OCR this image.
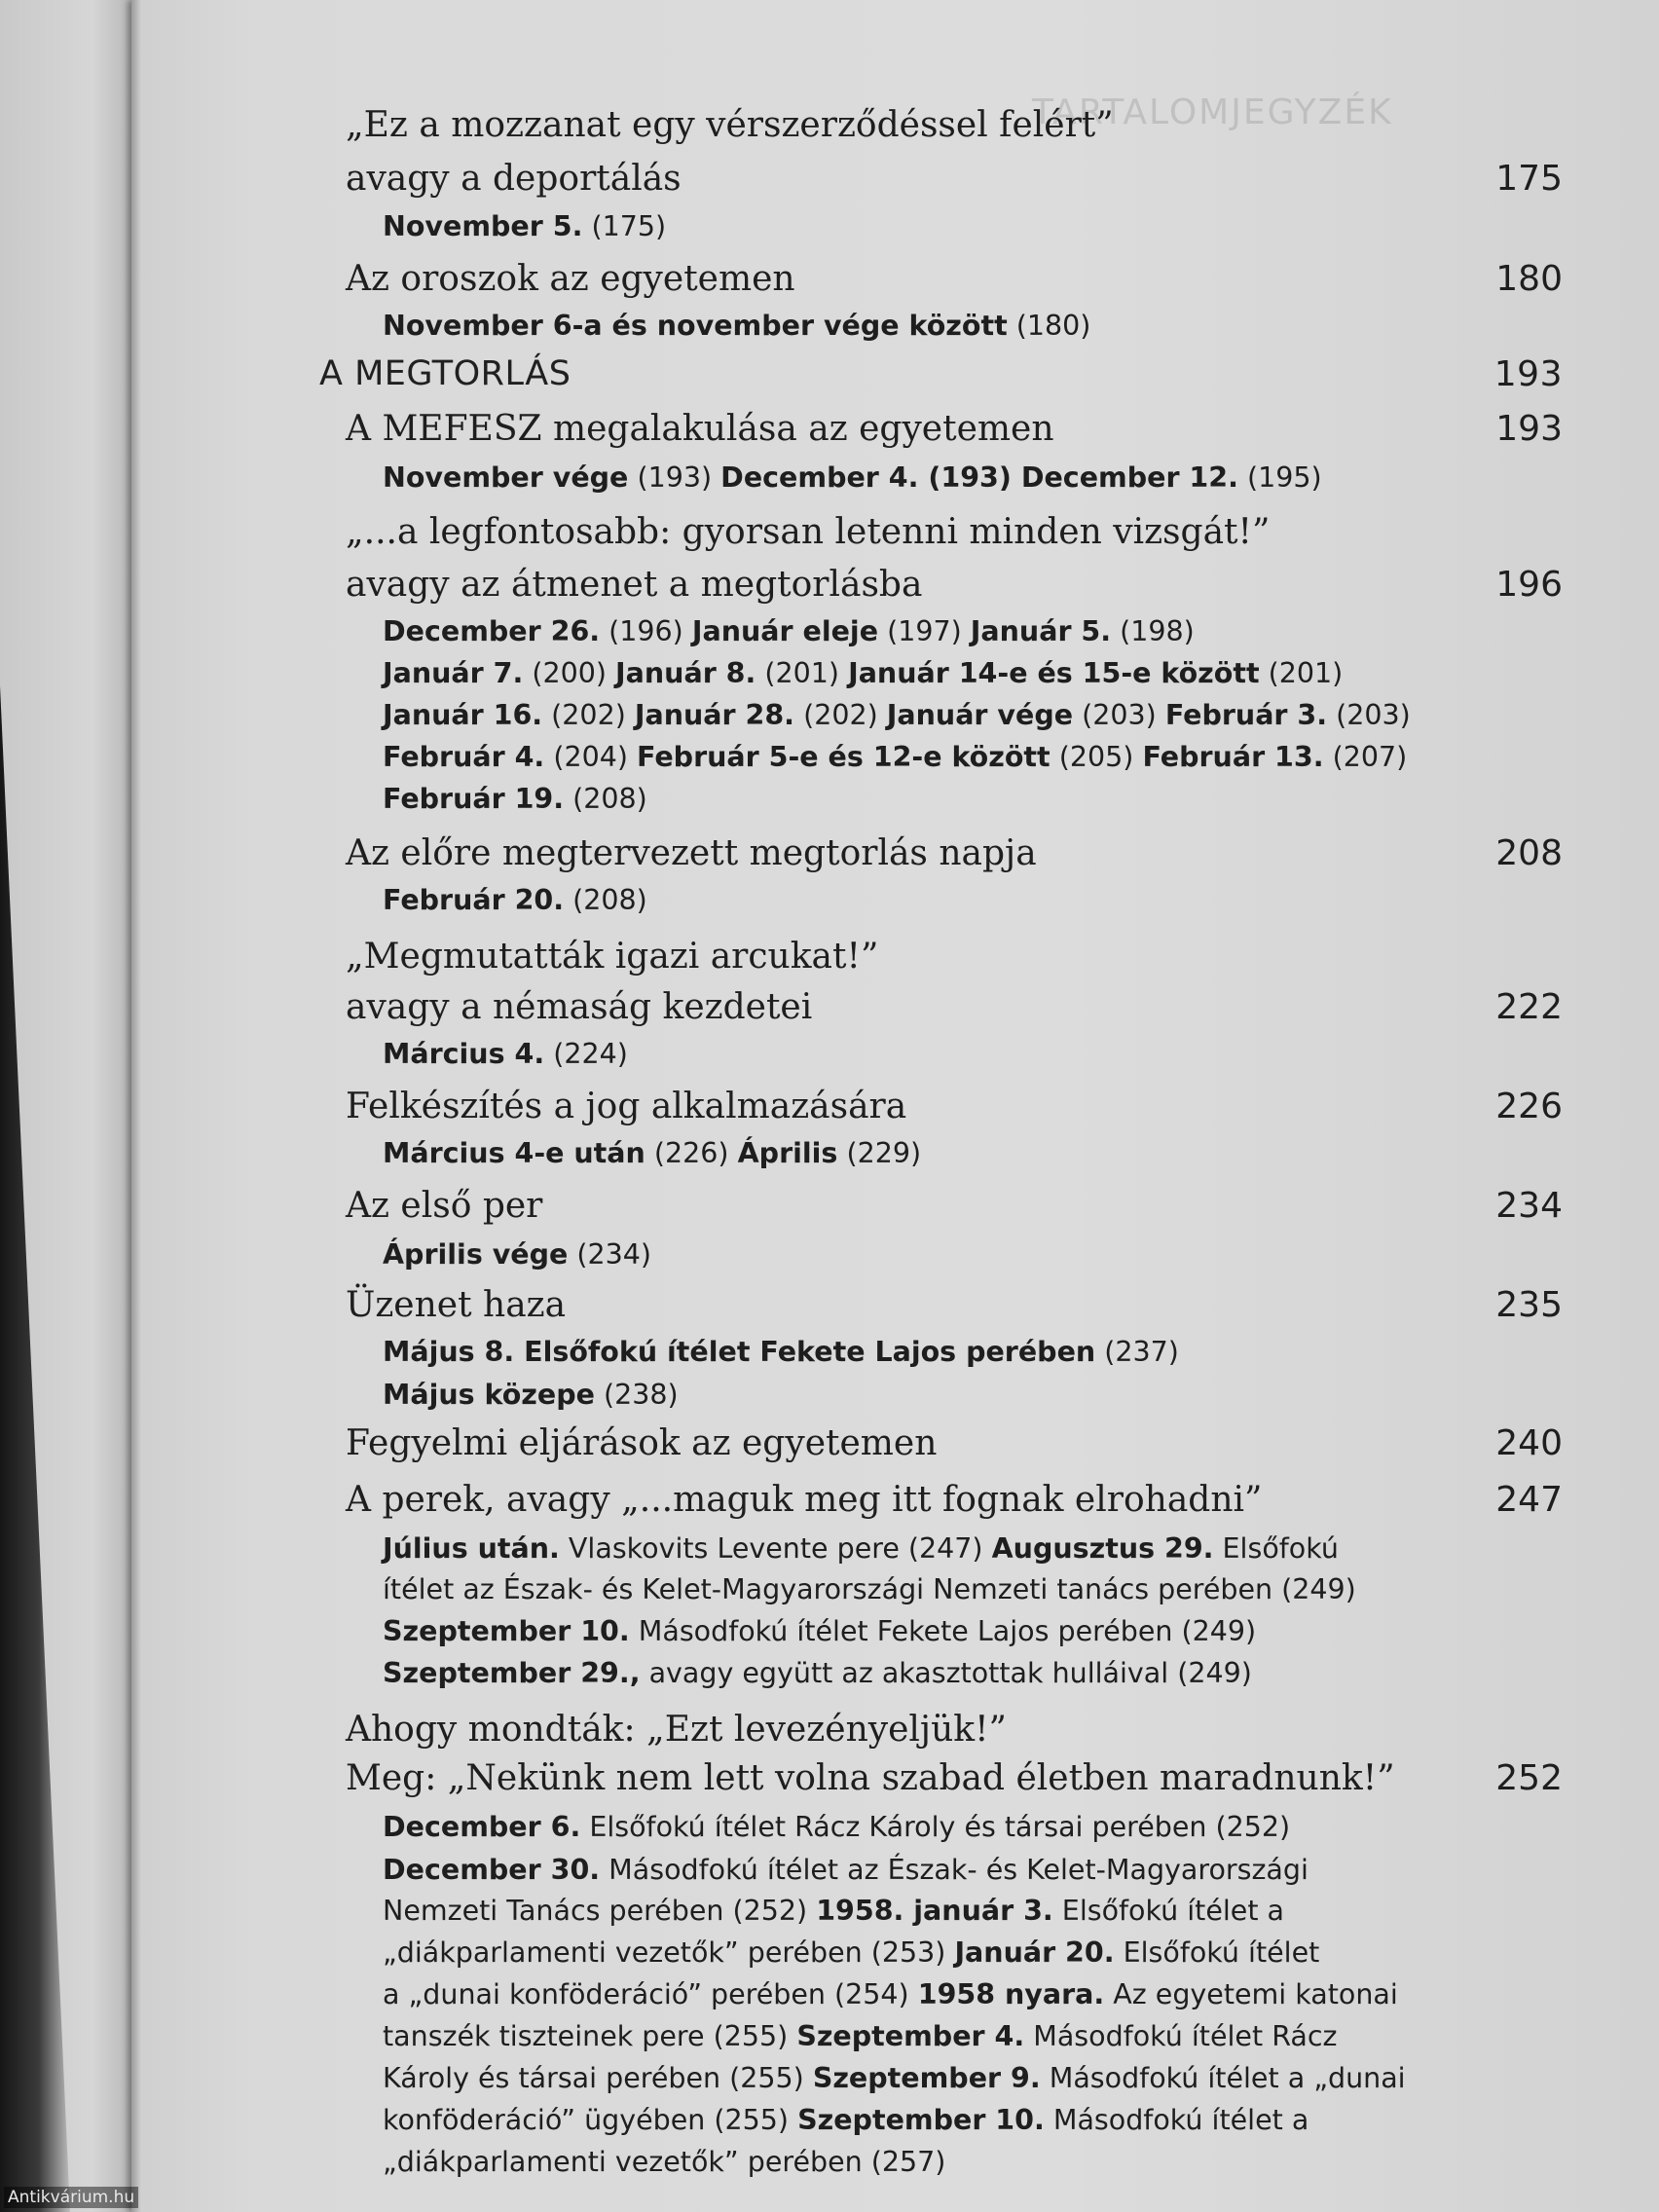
TARTALOMJEGYZÉK
„Ez a mozzanat egy vérszerződéssel felért”
avagy a deportálás	175
November 5. (175)
Az oroszok az egyetemen	180
November 6-a és november vége között (180)
A MEGTORLÁS	193
A MEFESZ megalakulása az egyetemen	193
November vége (193) December 4. (193) December 12. (195)
„...a legfontosabb: gyorsan letenni minden vizsgát!”
avagy az átmenet a megtorlásba	196
December 26. (196) Január eleje (197) Január 5. (198)
Január 7. (200) Január 8. (201) Január 14-e és 15-e között (201)
Január 16. (202) Január 28. (202) Január vége (203) Február 3. (203)
Február 4. (204) Február 5-e és 12-e között (205) Február 13. (207)
Február 19. (208)
Az előre megtervezett megtorlás napja	208
Február 20. (208)
„Megmutatták igazi arcukat!”
avagy a némaság kezdetei	222
Március 4. (224)
Felkészítés a jog alkalmazására	226
Március 4-e után (226) Április (229)
Az első per	234
Április vége (234)
Üzenet haza	235
Május 8. Elsőfokú ítélet Fekete Lajos perében (237)
Május közepe (238)
Fegyelmi eljárások az egyetemen	240
A perek, avagy „...maguk meg itt fognak elrohadni”	247
Július után. Vlaskovits Levente pere (247) Augusztus 29. Elsőfokú
ítélet az Észak- és Kelet-Magyarországi Nemzeti tanács perében (249)
Szeptember 10. Másodfokú ítélet Fekete Lajos perében (249)
Szeptember 29., avagy együtt az akasztottak hulláival (249)
Ahogy mondták: „Ezt levezényeljük!”
Meg: „Nekünk nem lett volna szabad életben maradnunk!”	252
December 6. Elsőfokú ítélet Rácz Károly és társai perében (252)
December 30. Másodfokú ítélet az Észak- és Kelet-Magyarországi
Nemzeti Tanács perében (252) 1958. január 3. Elsőfokú ítélet a
„diákparlamenti vezetők” perében (253) Január 20. Elsőfokú ítélet
a „dunai konföderáció” perében (254) 1958 nyara. Az egyetemi katonai
tanszék tiszteinek pere (255) Szeptember 4. Másodfokú ítélet Rácz
Károly és társai perében (255) Szeptember 9. Másodfokú ítélet a „dunai
konföderáció” ügyében (255) Szeptember 10. Másodfokú ítélet a
„diákparlamenti vezetők” perében (257)
Antikvárium.hu
